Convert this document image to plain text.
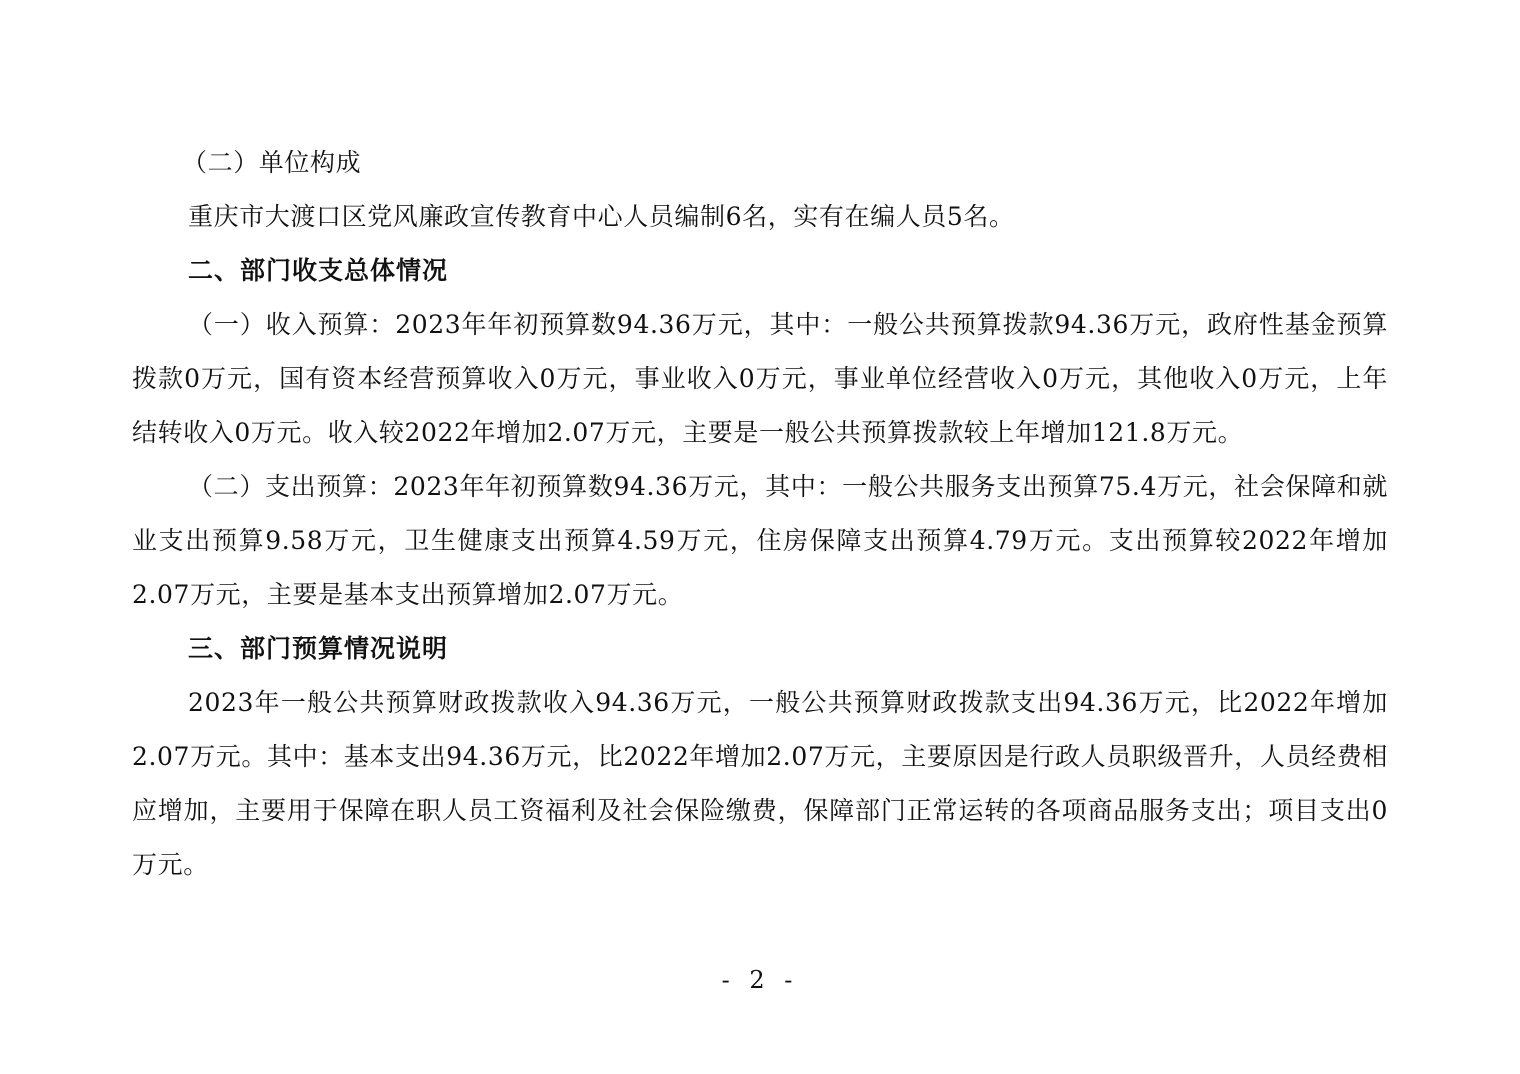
（二）单位构成

重庆市大渡口区党风廉政宣传教育中心人员编制6名，实有在编人员5名。

二、部门收支总体情况

（一）收入预算：2023年年初预算数94.36万元，其中：一般公共预算拨款94.36万元，政府性基金预算拨款0万元，国有资本经营预算收入0万元，事业收入0万元，事业单位经营收入0万元，其他收入0万元，上年结转收入0万元。收入较2022年增加2.07万元，主要是一般公共预算拨款较上年增加121.8万元。

（二）支出预算：2023年年初预算数94.36万元，其中：一般公共服务支出预算75.4万元，社会保障和就业支出预算9.58万元，卫生健康支出预算4.59万元，住房保障支出预算4.79万元。支出预算较2022年增加2.07万元，主要是基本支出预算增加2.07万元。

三、部门预算情况说明

2023年一般公共预算财政拨款收入94.36万元，一般公共预算财政拨款支出94.36万元，比2022年增加2.07万元。其中：基本支出94.36万元，比2022年增加2.07万元，主要原因是行政人员职级晋升，人员经费相应增加，主要用于保障在职人员工资福利及社会保险缴费，保障部门正常运转的各项商品服务支出；项目支出0万元。

- 2 -
